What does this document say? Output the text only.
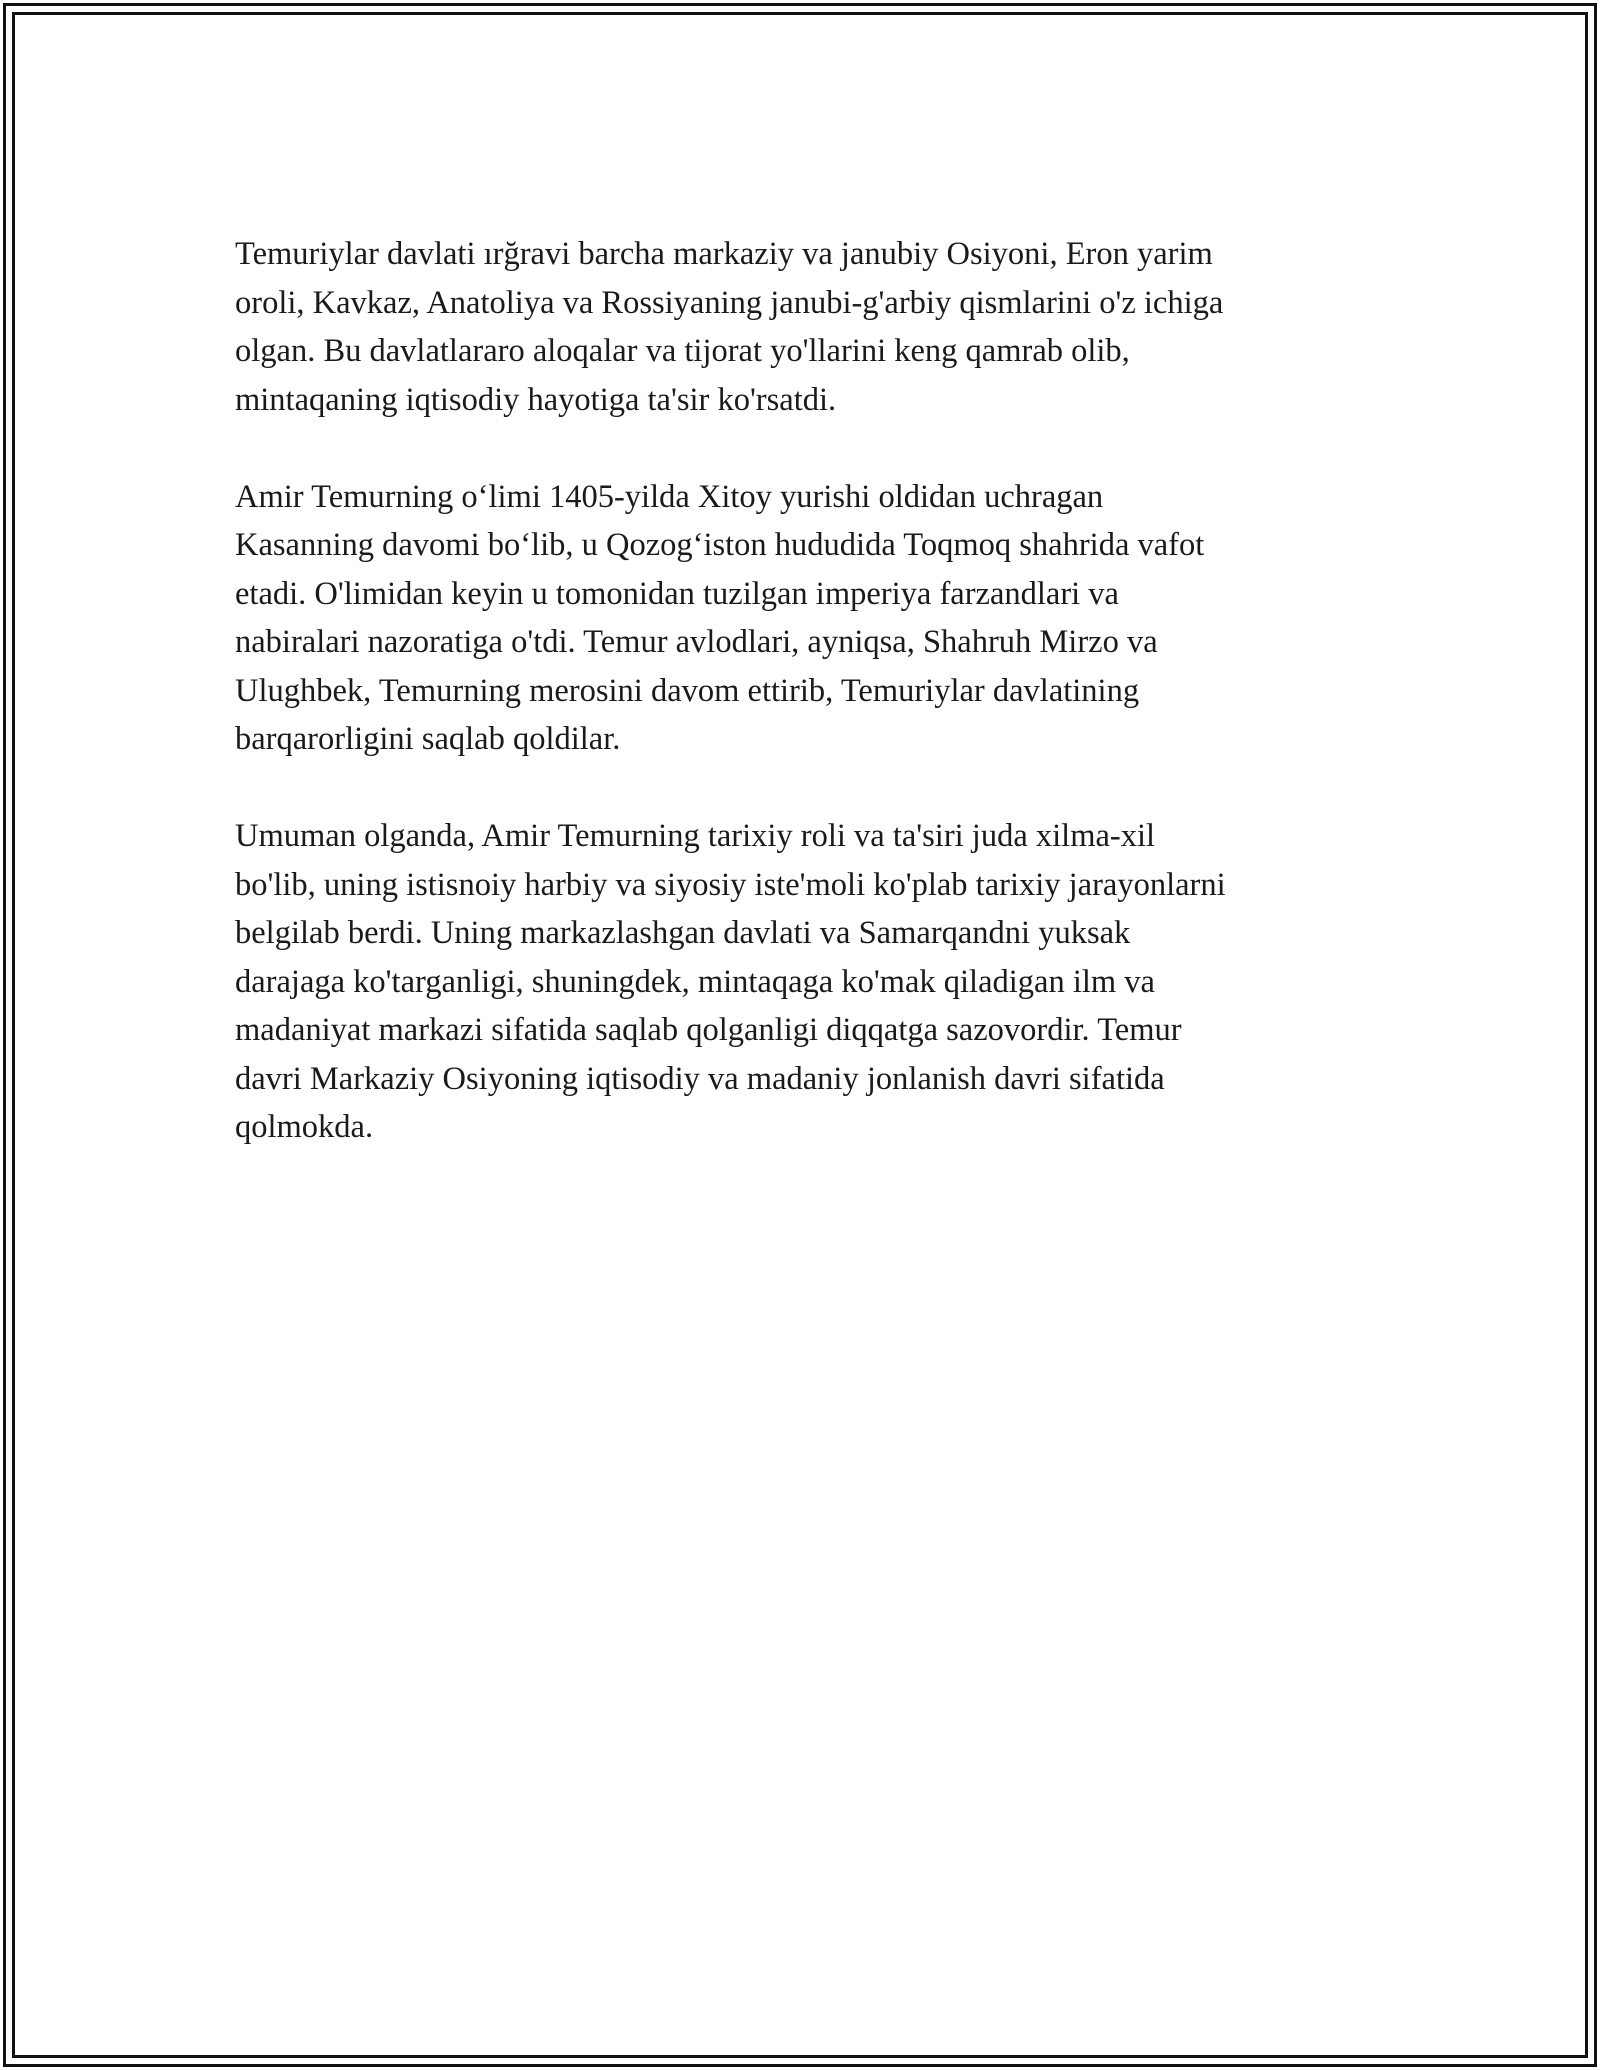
Temuriylar davlati ırğravi barcha markaziy va janubiy Osiyoni, Eron yarim
oroli, Kavkaz, Anatoliya va Rossiyaning janubi-g'arbiy qismlarini o'z ichiga
olgan. Bu davlatlararo aloqalar va tijorat yo'llarini keng qamrab olib,
mintaqaning iqtisodiy hayotiga ta'sir ko'rsatdi.

Amir Temurning oʻlimi 1405-yilda Xitoy yurishi oldidan uchragan
Kasanning davomi boʻlib, u Qozogʻiston hududida Toqmoq shahrida vafot
etadi. O'limidan keyin u tomonidan tuzilgan imperiya farzandlari va
nabiralari nazoratiga o'tdi. Temur avlodlari, ayniqsa, Shahruh Mirzo va
Ulughbek, Temurning merosini davom ettirib, Temuriylar davlatining
barqarorligini saqlab qoldilar.

Umuman olganda, Amir Temurning tarixiy roli va ta'siri juda xilma-xil
bo'lib, uning istisnoiy harbiy va siyosiy iste'moli ko'plab tarixiy jarayonlarni
belgilab berdi. Uning markazlashgan davlati va Samarqandni yuksak
darajaga ko'targanligi, shuningdek, mintaqaga ko'mak qiladigan ilm va
madaniyat markazi sifatida saqlab qolganligi diqqatga sazovordir. Temur
davri Markaziy Osiyoning iqtisodiy va madaniy jonlanish davri sifatida
qolmokda.
